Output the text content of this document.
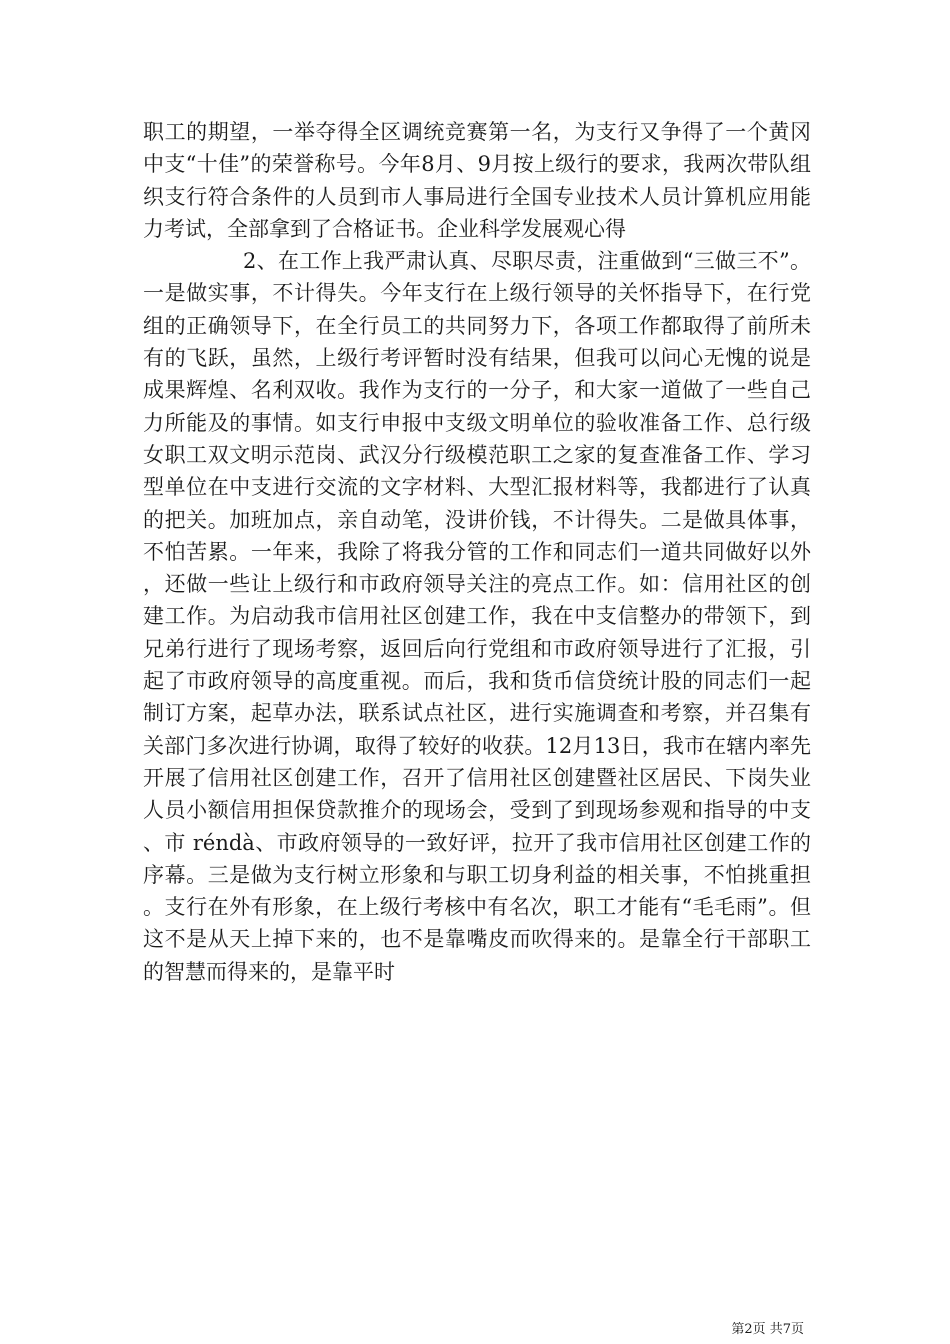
职工的期望，一举夺得全区调统竞赛第一名，为支行又争得了一个黄冈中支“十佳”的荣誉称号。今年8月、9月按上级行的要求，我两次带队组织支行符合条件的人员到市人事局进行全国专业技术人员计算机应用能力考试，全部拿到了合格证书。企业科学发展观心得

2、在工作上我严肃认真、尽职尽责，注重做到“三做三不”。一是做实事，不计得失。今年支行在上级行领导的关怀指导下，在行党组的正确领导下，在全行员工的共同努力下，各项工作都取得了前所未有的飞跃，虽然，上级行考评暂时没有结果，但我可以问心无愧的说是成果辉煌、名利双收。我作为支行的一分子，和大家一道做了一些自己力所能及的事情。如支行申报中支级文明单位的验收准备工作、总行级女职工双文明示范岗、武汉分行级模范职工之家的复查准备工作、学习型单位在中支进行交流的文字材料、大型汇报材料等，我都进行了认真的把关。加班加点，亲自动笔，没讲价钱，不计得失。二是做具体事，不怕苦累。一年来，我除了将我分管的工作和同志们一道共同做好以外，还做一些让上级行和市政府领导关注的亮点工作。如：信用社区的创建工作。为启动我市信用社区创建工作，我在中支信整办的带领下，到兄弟行进行了现场考察，返回后向行党组和市政府领导进行了汇报，引起了市政府领导的高度重视。而后，我和货币信贷统计股的同志们一起制订方案，起草办法，联系试点社区，进行实施调查和考察，并召集有关部门多次进行协调，取得了较好的收获。12月13日，我市在辖内率先开展了信用社区创建工作，召开了信用社区创建暨社区居民、下岗失业人员小额信用担保贷款推介的现场会，受到了到现场参观和指导的中支、市 réndà、市政府领导的一致好评，拉开了我市信用社区创建工作的序幕。三是做为支行树立形象和与职工切身利益的相关事，不怕挑重担。支行在外有形象，在上级行考核中有名次，职工才能有“毛毛雨”。但这不是从天上掉下来的，也不是靠嘴皮而吹得来的。是靠全行干部职工的智慧而得来的，是靠平时

第2页 共7页
